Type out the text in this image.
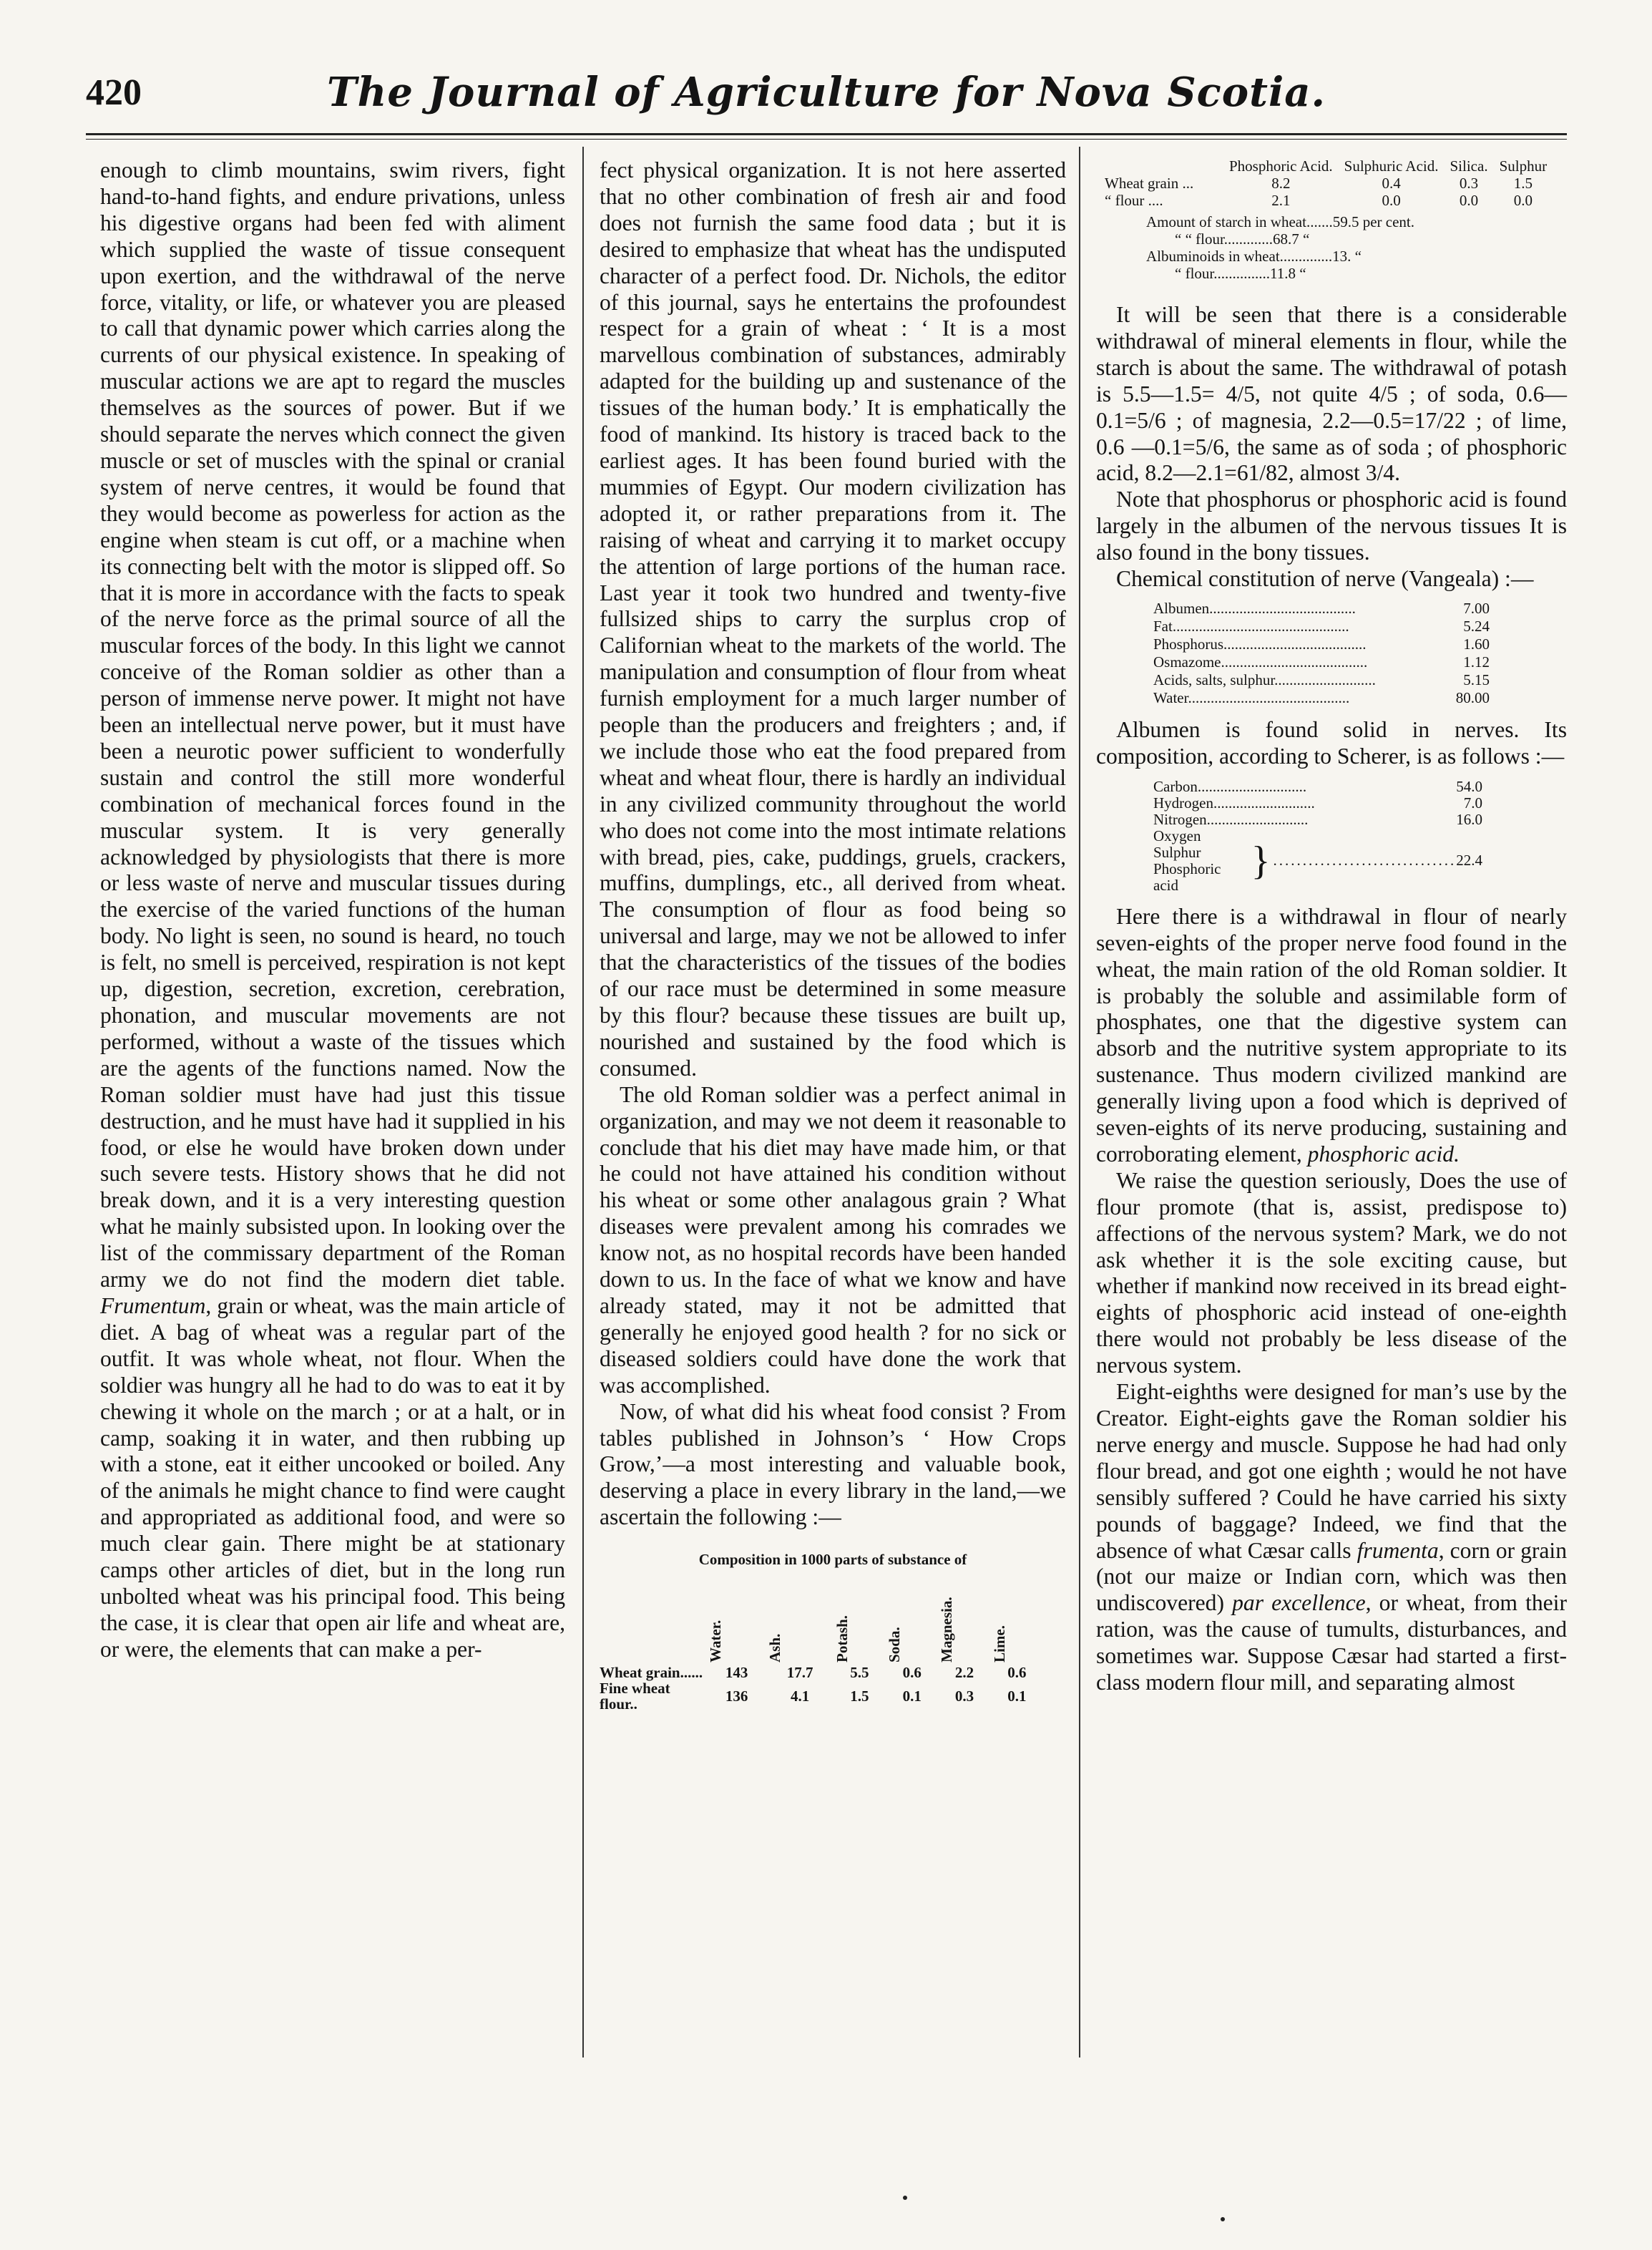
420	The Journal of Agriculture for Nova Scotia.

enough to climb mountains, swim rivers, fight hand-to-hand fights, and endure privations, unless his digestive organs had been fed with aliment which supplied the waste of tissue consequent upon exertion, and the withdrawal of the nerve force, vitality, or life, or whatever you are pleased to call that dynamic power which carries along the currents of our physical existence. In speaking of muscular actions we are apt to regard the muscles themselves as the sources of power. But if we should separate the nerves which connect the given muscle or set of muscles with the spinal or cranial system of nerve centres, it would be found that they would become as powerless for action as the engine when steam is cut off, or a machine when its connecting belt with the motor is slipped off. So that it is more in accordance with the facts to speak of the nerve force as the primal source of all the muscular forces of the body. In this light we cannot conceive of the Roman soldier as other than a person of immense nerve power. It might not have been an intellectual nerve power, but it must have been a neurotic power sufficient to wonderfully sustain and control the still more wonderful combination of mechanical forces found in the muscular system. It is very generally acknowledged by physiologists that there is more or less waste of nerve and muscular tissues during the exercise of the varied functions of the human body. No light is seen, no sound is heard, no touch is felt, no smell is perceived, respiration is not kept up, digestion, secretion, excretion, cerebration, phonation, and muscular movements are not performed, without a waste of the tissues which are the agents of the functions named. Now the Roman soldier must have had just this tissue destruction, and he must have had it supplied in his food, or else he would have broken down under such severe tests. History shows that he did not break down, and it is a very interesting question what he mainly subsisted upon. In looking over the list of the commissary department of the Roman army we do not find the modern diet table. Frumentum, grain or wheat, was the main article of diet. A bag of wheat was a regular part of the outfit. It was whole wheat, not flour. When the soldier was hungry all he had to do was to eat it by chewing it whole on the march ; or at a halt, or in camp, soaking it in water, and then rubbing up with a stone, eat it either uncooked or boiled. Any of the animals he might chance to find were caught and appropriated as additional food, and were so much clear gain. There might be at stationary camps other articles of diet, but in the long run unbolted wheat was his principal food. This being the case, it is clear that open air life and wheat are, or were, the elements that can make a per-

fect physical organization. It is not here asserted that no other combination of fresh air and food does not furnish the same food data ; but it is desired to emphasize that wheat has the undisputed character of a perfect food. Dr. Nichols, the editor of this journal, says he entertains the profoundest respect for a grain of wheat : ‘ It is a most marvellous combination of substances, admirably adapted for the building up and sustenance of the tissues of the human body.’ It is emphatically the food of mankind. Its history is traced back to the earliest ages. It has been found buried with the mummies of Egypt. Our modern civilization has adopted it, or rather preparations from it. The raising of wheat and carrying it to market occupy the attention of large portions of the human race. Last year it took two hundred and twenty-five fullsized ships to carry the surplus crop of Californian wheat to the markets of the world. The manipulation and consumption of flour from wheat furnish employment for a much larger number of people than the producers and freighters ; and, if we include those who eat the food prepared from wheat and wheat flour, there is hardly an individual in any civilized community throughout the world who does not come into the most intimate relations with bread, pies, cake, puddings, gruels, crackers, muffins, dumplings, etc., all derived from wheat. The consumption of flour as food being so universal and large, may we not be allowed to infer that the characteristics of the tissues of the bodies of our race must be determined in some measure by this flour? because these tissues are built up, nourished and sustained by the food which is consumed.

The old Roman soldier was a perfect animal in organization, and may we not deem it reasonable to conclude that his diet may have made him, or that he could not have attained his condition without his wheat or some other analagous grain ? What diseases were prevalent among his comrades we know not, as no hospital records have been handed down to us. In the face of what we know and have already stated, may it not be admitted that generally he enjoyed good health ? for no sick or diseased soldiers could have done the work that was accomplished.

Now, of what did his wheat food consist ? From tables published in Johnson’s ‘ How Crops Grow,’—a most interesting and valuable book, deserving a place in every library in the land,—we ascertain the following :—

Composition in 1000 parts of substance of
	Water.	Ash.	Potash.	Soda.	Magnesia.	Lime.
Wheat grain......	143	17.7	5.5	0.6	2.2	0.6
Fine wheat flour..	136	4.1	1.5	0.1	0.3	0.1
	Phosphoric Acid.	Sulphuric Acid.	Silica.	Sulphur
Wheat grain ...	8.2	0.4	0.3	1.5
“ flour ....	2.1	0.0	0.0	0.0
Amount of starch in wheat.......59.5 per cent.
“ “ flour.............68.7 “
Albuminoids in wheat..............13. “
“ flour...............11.8 “

It will be seen that there is a considerable withdrawal of mineral elements in flour, while the starch is about the same. The withdrawal of potash is 5.5—1.5= 4/5, not quite 4/5 ; of soda, 0.6—0.1=5/6 ; of magnesia, 2.2—0.5=17/22 ; of lime, 0.6 —0.1=5/6, the same as of soda ; of phosphoric acid, 8.2—2.1=61/82, almost 3/4.

Note that phosphorus or phosphoric acid is found largely in the albumen of the nervous tissues It is also found in the bony tissues.

Chemical constitution of nerve (Vangeala) :—

Albumen.......................................	7.00
Fat...............................................	5.24
Phosphorus......................................	1.60
Osmazome.......................................	1.12
Acids, salts, sulphur...........................	5.15
Water...........................................	80.00

Albumen is found solid in nerves. Its composition, according to Scherer, is as follows :—

Carbon.............................			54.0
Hydrogen...........................			7.0
Nitrogen...........................			16.0

Oxygen
Sulphur
Phosphoric acid	}	...............................	22.4

Here there is a withdrawal in flour of nearly seven-eights of the proper nerve food found in the wheat, the main ration of the old Roman soldier. It is probably the soluble and assimilable form of phosphates, one that the digestive system can absorb and the nutritive system appropriate to its sustenance. Thus modern civilized mankind are generally living upon a food which is deprived of seven-eights of its nerve producing, sustaining and corroborating element, phosphoric acid.

We raise the question seriously, Does the use of flour promote (that is, assist, predispose to) affections of the nervous system? Mark, we do not ask whether it is the sole exciting cause, but whether if mankind now received in its bread eight-eights of phosphoric acid instead of one-eighth there would not probably be less disease of the nervous system.

Eight-eighths were designed for man’s use by the Creator. Eight-eights gave the Roman soldier his nerve energy and muscle. Suppose he had had only flour bread, and got one eighth ; would he not have sensibly suffered ? Could he have carried his sixty pounds of baggage? Indeed, we find that the absence of what Cæsar calls frumenta, corn or grain (not our maize or Indian corn, which was then undiscovered) par excellence, or wheat, from their ration, was the cause of tumults, disturbances, and sometimes war. Suppose Cæsar had started a first-class modern flour mill, and separating almost
